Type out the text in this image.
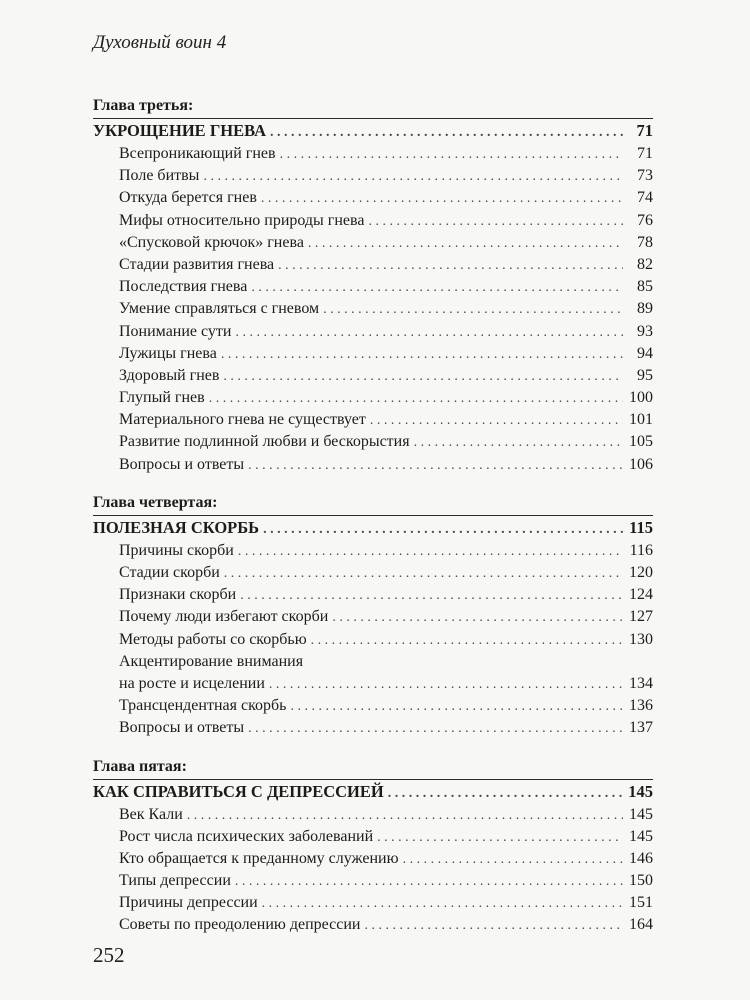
Духовный воин 4
Глава третья:
УКРОЩЕНИЕ ГНЕВА . . .	71
Всепроникающий гнев . . .	71
Поле битвы . . .	73
Откуда берется гнев . . .	74
Мифы относительно природы гнева . . .	76
«Спусковой крючок» гнева . . .	78
Стадии развития гнева . . .	82
Последствия гнева . . .	85
Умение справляться с гневом . . .	89
Понимание сути . . .	93
Лужицы гнева . . .	94
Здоровый гнев . . .	95
Глупый гнев . . .	100
Материального гнева не существует . . .	101
Развитие подлинной любви и бескорыстия . . .	105
Вопросы и ответы . . .	106
Глава четвертая:
ПОЛЕЗНАЯ СКОРБЬ . . .	115
Причины скорби . . .	116
Стадии скорби . . .	120
Признаки скорби . . .	124
Почему люди избегают скорби . . .	127
Методы работы со скорбью . . .	130
Акцентирование внимания
на росте и исцелении . . .	134
Трансцендентная скорбь . . .	136
Вопросы и ответы . . .	137
Глава пятая:
КАК СПРАВИТЬСЯ С ДЕПРЕССИЕЙ . . .	145
Век Кали . . .	145
Рост числа психических заболеваний . . .	145
Кто обращается к преданному служению . . .	146
Типы депрессии . . .	150
Причины депрессии . . .	151
Советы по преодолению депрессии . . .	164
252
